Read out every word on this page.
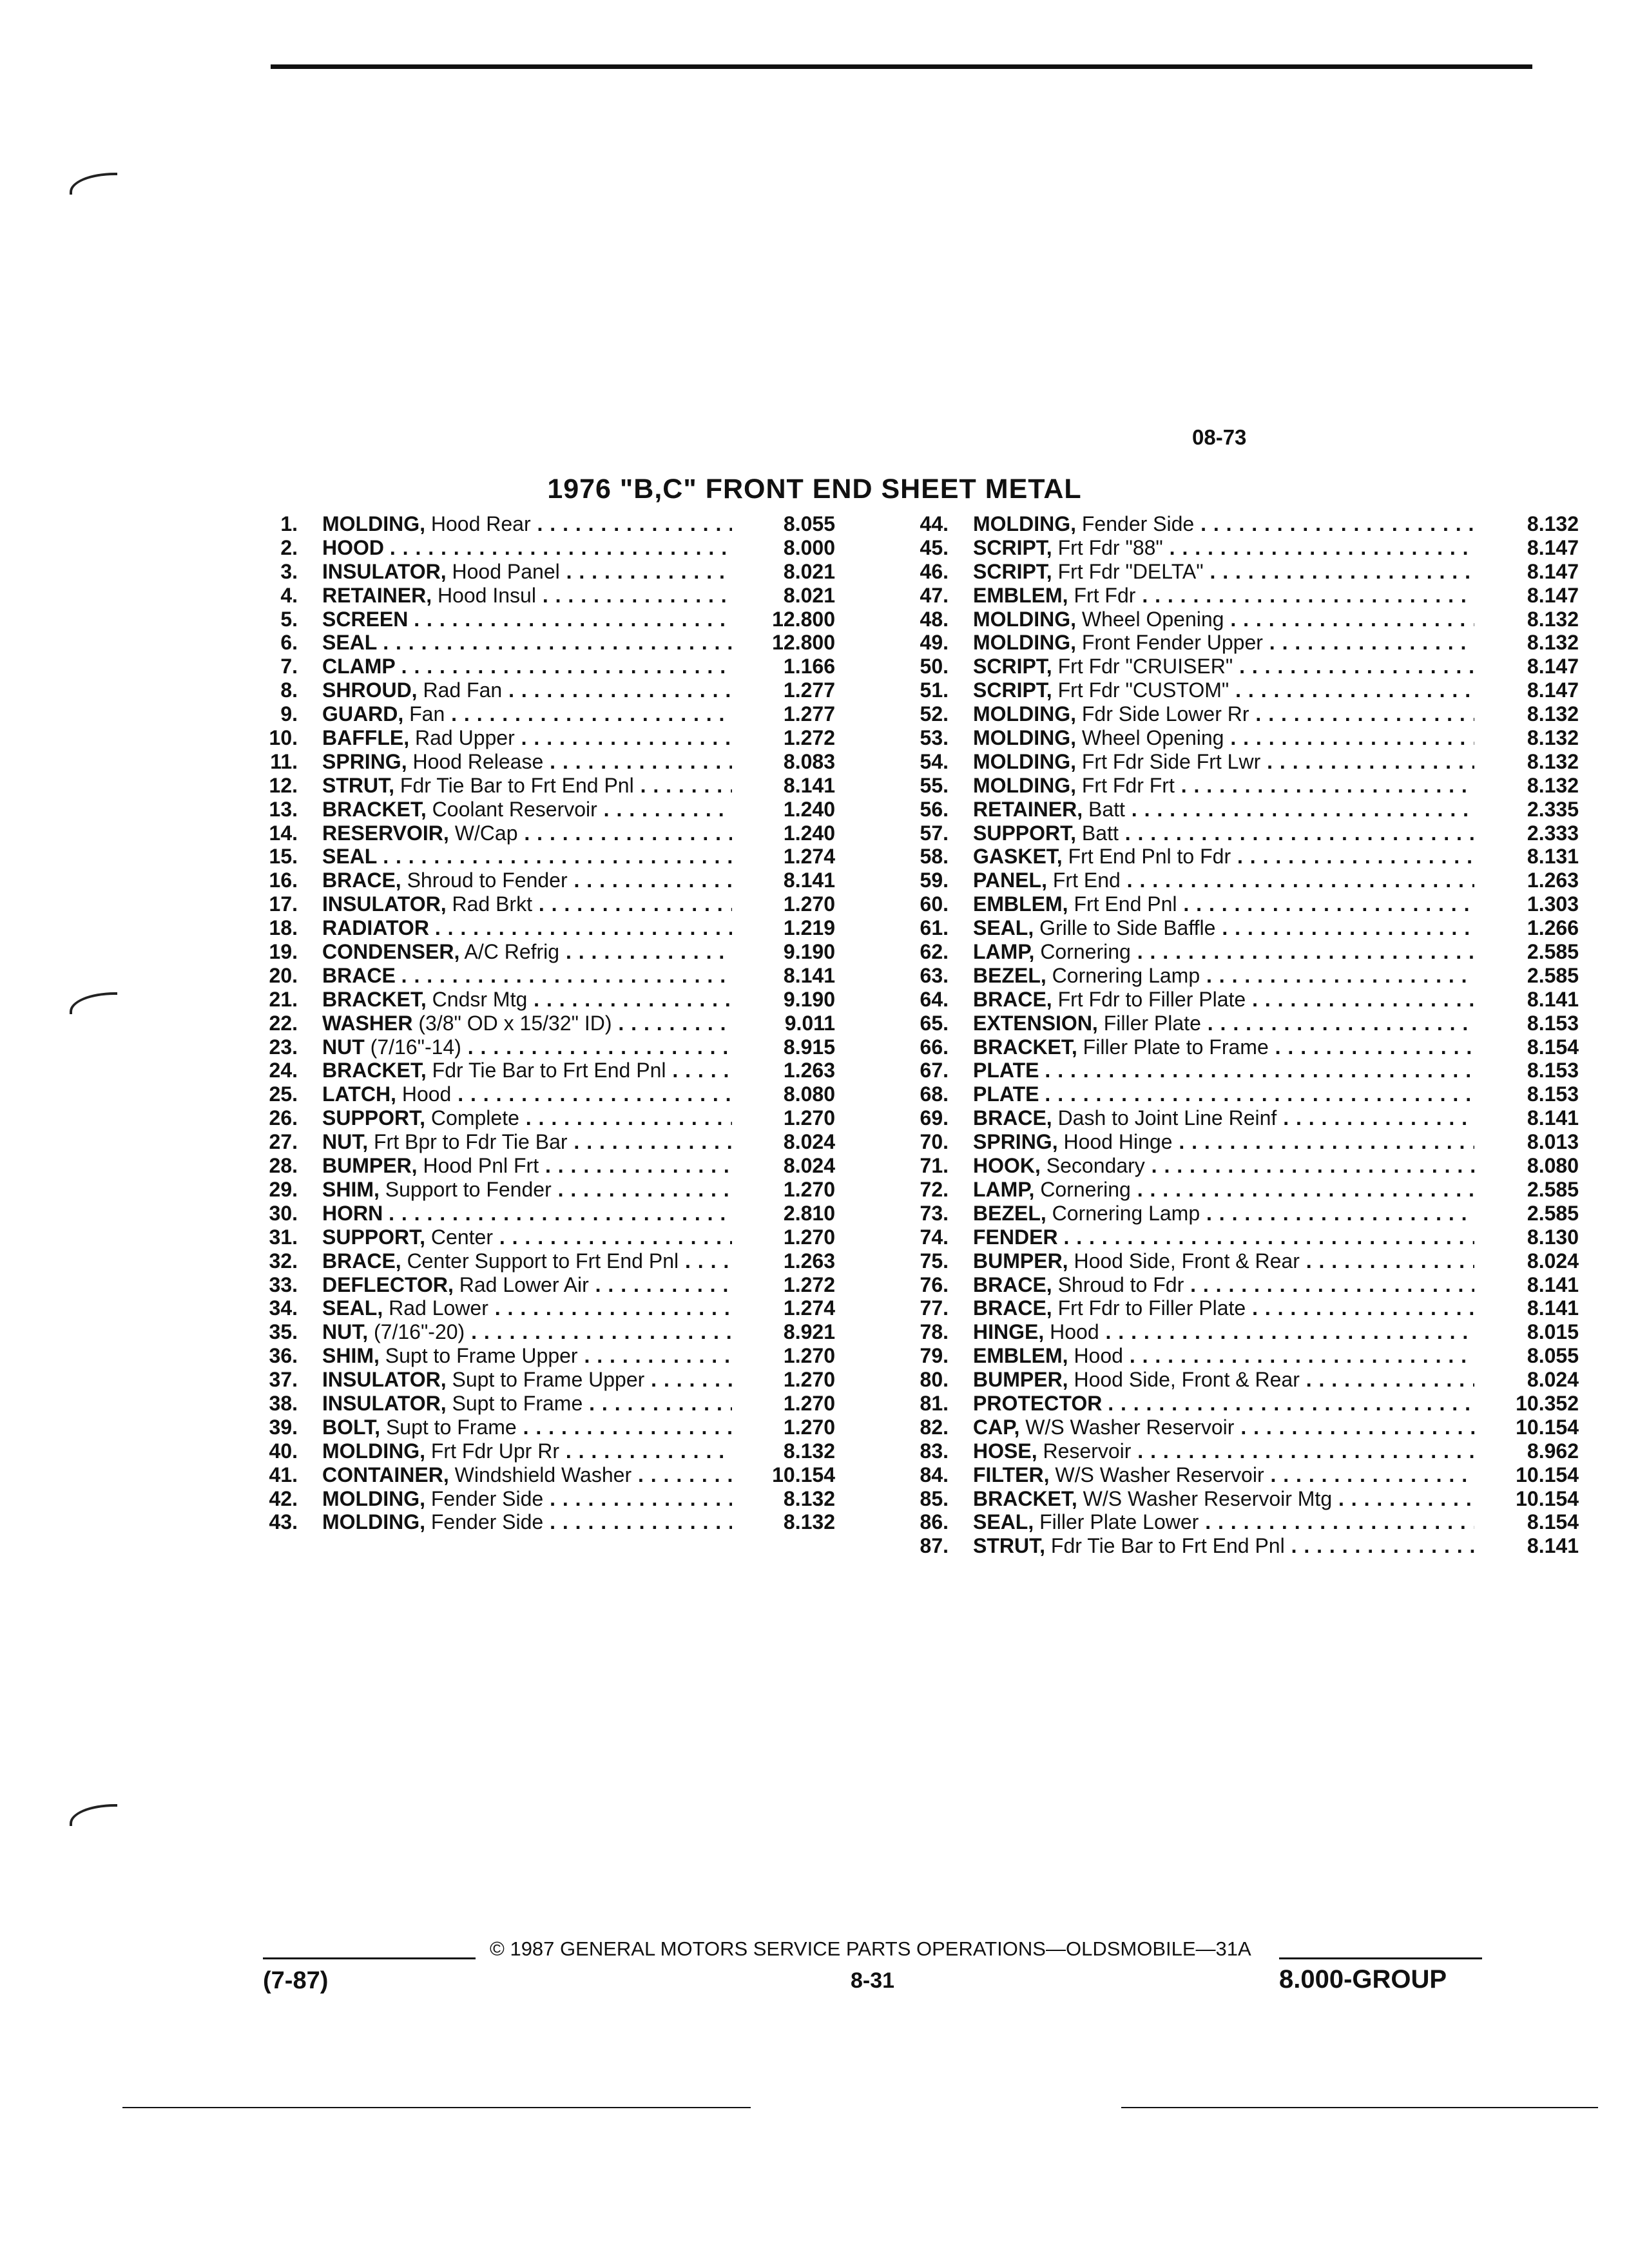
08-73
1976 "B,C" FRONT END SHEET METAL
1. MOLDING, Hood Rear . . .	8.055
2. HOOD . . .	8.000
3. INSULATOR, Hood Panel . . .	8.021
4. RETAINER, Hood Insul . . .	8.021
5. SCREEN . . .	12.800
6. SEAL . . .	12.800
7. CLAMP . . .	1.166
8. SHROUD, Rad Fan . . .	1.277
9. GUARD, Fan . . .	1.277
10. BAFFLE, Rad Upper . . .	1.272
11. SPRING, Hood Release . . .	8.083
12. STRUT, Fdr Tie Bar to Frt End Pnl . . .	8.141
13. BRACKET, Coolant Reservoir . . .	1.240
14. RESERVOIR, W/Cap . . .	1.240
15. SEAL . . .	1.274
16. BRACE, Shroud to Fender . . .	8.141
17. INSULATOR, Rad Brkt . . .	1.270
18. RADIATOR . . .	1.219
19. CONDENSER, A/C Refrig . . .	9.190
20. BRACE . . .	8.141
21. BRACKET, Cndsr Mtg . . .	9.190
22. WASHER (3/8" OD x 15/32" ID) . . .	9.011
23. NUT (7/16"-14) . . .	8.915
24. BRACKET, Fdr Tie Bar to Frt End Pnl . . .	1.263
25. LATCH, Hood . . .	8.080
26. SUPPORT, Complete . . .	1.270
27. NUT, Frt Bpr to Fdr Tie Bar . . .	8.024
28. BUMPER, Hood Pnl Frt . . .	8.024
29. SHIM, Support to Fender . . .	1.270
30. HORN . . .	2.810
31. SUPPORT, Center . . .	1.270
32. BRACE, Center Support to Frt End Pnl . . .	1.263
33. DEFLECTOR, Rad Lower Air . . .	1.272
34. SEAL, Rad Lower . . .	1.274
35. NUT, (7/16"-20) . . .	8.921
36. SHIM, Supt to Frame Upper . . .	1.270
37. INSULATOR, Supt to Frame Upper . . .	1.270
38. INSULATOR, Supt to Frame . . .	1.270
39. BOLT, Supt to Frame . . .	1.270
40. MOLDING, Frt Fdr Upr Rr . . .	8.132
41. CONTAINER, Windshield Washer . . .	10.154
42. MOLDING, Fender Side . . .	8.132
43. MOLDING, Fender Side . . .	8.132
44. MOLDING, Fender Side . . .	8.132
45. SCRIPT, Frt Fdr "88" . . .	8.147
46. SCRIPT, Frt Fdr "DELTA" . . .	8.147
47. EMBLEM, Frt Fdr . . .	8.147
48. MOLDING, Wheel Opening . . .	8.132
49. MOLDING, Front Fender Upper . . .	8.132
50. SCRIPT, Frt Fdr "CRUISER" . . .	8.147
51. SCRIPT, Frt Fdr "CUSTOM" . . .	8.147
52. MOLDING, Fdr Side Lower Rr . . .	8.132
53. MOLDING, Wheel Opening . . .	8.132
54. MOLDING, Frt Fdr Side Frt Lwr . . .	8.132
55. MOLDING, Frt Fdr Frt . . .	8.132
56. RETAINER, Batt . . .	2.335
57. SUPPORT, Batt . . .	2.333
58. GASKET, Frt End Pnl to Fdr . . .	8.131
59. PANEL, Frt End . . .	1.263
60. EMBLEM, Frt End Pnl . . .	1.303
61. SEAL, Grille to Side Baffle . . .	1.266
62. LAMP, Cornering . . .	2.585
63. BEZEL, Cornering Lamp . . .	2.585
64. BRACE, Frt Fdr to Filler Plate . . .	8.141
65. EXTENSION, Filler Plate . . .	8.153
66. BRACKET, Filler Plate to Frame . . .	8.154
67. PLATE . . .	8.153
68. PLATE . . .	8.153
69. BRACE, Dash to Joint Line Reinf . . .	8.141
70. SPRING, Hood Hinge . . .	8.013
71. HOOK, Secondary . . .	8.080
72. LAMP, Cornering . . .	2.585
73. BEZEL, Cornering Lamp . . .	2.585
74. FENDER . . .	8.130
75. BUMPER, Hood Side, Front & Rear . . .	8.024
76. BRACE, Shroud to Fdr . . .	8.141
77. BRACE, Frt Fdr to Filler Plate . . .	8.141
78. HINGE, Hood . . .	8.015
79. EMBLEM, Hood . . .	8.055
80. BUMPER, Hood Side, Front & Rear . . .	8.024
81. PROTECTOR . . .	10.352
82. CAP, W/S Washer Reservoir . . .	10.154
83. HOSE, Reservoir . . .	8.962
84. FILTER, W/S Washer Reservoir . . .	10.154
85. BRACKET, W/S Washer Reservoir Mtg . . .	10.154
86. SEAL, Filler Plate Lower . . .	8.154
87. STRUT, Fdr Tie Bar to Frt End Pnl . . .	8.141
© 1987 GENERAL MOTORS SERVICE PARTS OPERATIONS—OLDSMOBILE—31A
(7-87)	8-31	8.000-GROUP
